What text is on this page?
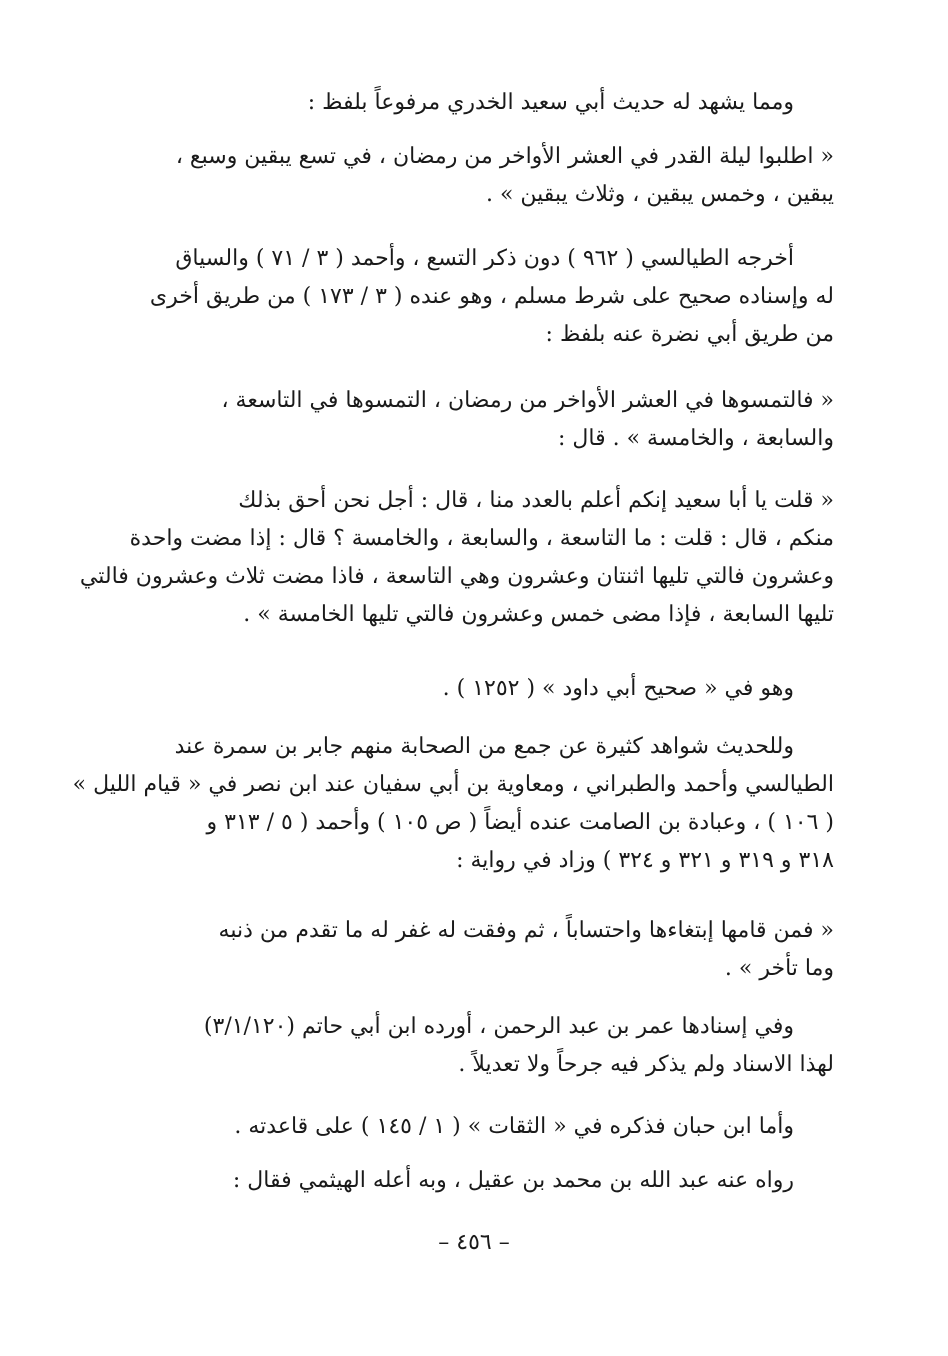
ومما يشهد له حديث أبي سعيد الخدري مرفوعاً بلفظ :
« اطلبوا ليلة القدر في العشر الأواخر من رمضان ، في تسع يبقين وسبع ،
يبقين ، وخمس يبقين ، وثلاث يبقين » .
أخرجه الطيالسي ( ٩٦٢ ) دون ذكر التسع ، وأحمد ( ٣ / ٧١ ) والسياق
له وإسناده صحيح على شرط مسلم ، وهو عنده ( ٣ / ١٧٣ ) من طريق أخرى
من طريق أبي نضرة عنه بلفظ :
« فالتمسوها في العشر الأواخر من رمضان ، التمسوها في التاسعة ،
والسابعة ، والخامسة » . قال :
« قلت يا أبا سعيد إنكم أعلم بالعدد منا ، قال : أجل نحن أحق بذلك
منكم ، قال : قلت : ما التاسعة ، والسابعة ، والخامسة ؟ قال : إذا مضت واحدة
وعشرون فالتي تليها اثنتان وعشرون وهي التاسعة ، فاذا مضت ثلاث وعشرون فالتي
تليها السابعة ، فإذا مضى خمس وعشرون فالتي تليها الخامسة » .
وهو في « صحيح أبي داود » ( ١٢٥٢ ) .
وللحديث شواهد كثيرة عن جمع من الصحابة منهم جابر بن سمرة عند
الطيالسي وأحمد والطبراني ، ومعاوية بن أبي سفيان عند ابن نصر في « قيام الليل »
( ١٠٦ ) ، وعبادة بن الصامت عنده أيضاً ( ص ١٠٥ ) وأحمد ( ٥ / ٣١٣ و
٣١٨ و ٣١٩ و ٣٢١ و ٣٢٤ ) وزاد في رواية :
« فمن قامها إبتغاءها واحتساباً ، ثم وفقت له غفر له ما تقدم من ذنبه
وما تأخر » .
وفي إسنادها عمر بن عبد الرحمن ، أورده ابن أبي حاتم (٣/١/١٢٠)
لهذا الاسناد ولم يذكر فيه جرحاً ولا تعديلاً .
وأما ابن حبان فذكره في « الثقات » ( ١ / ١٤٥ ) على قاعدته .
رواه عنه عبد الله بن محمد بن عقيل ، وبه أعله الهيثمي فقال :
– ٤٥٦ –
